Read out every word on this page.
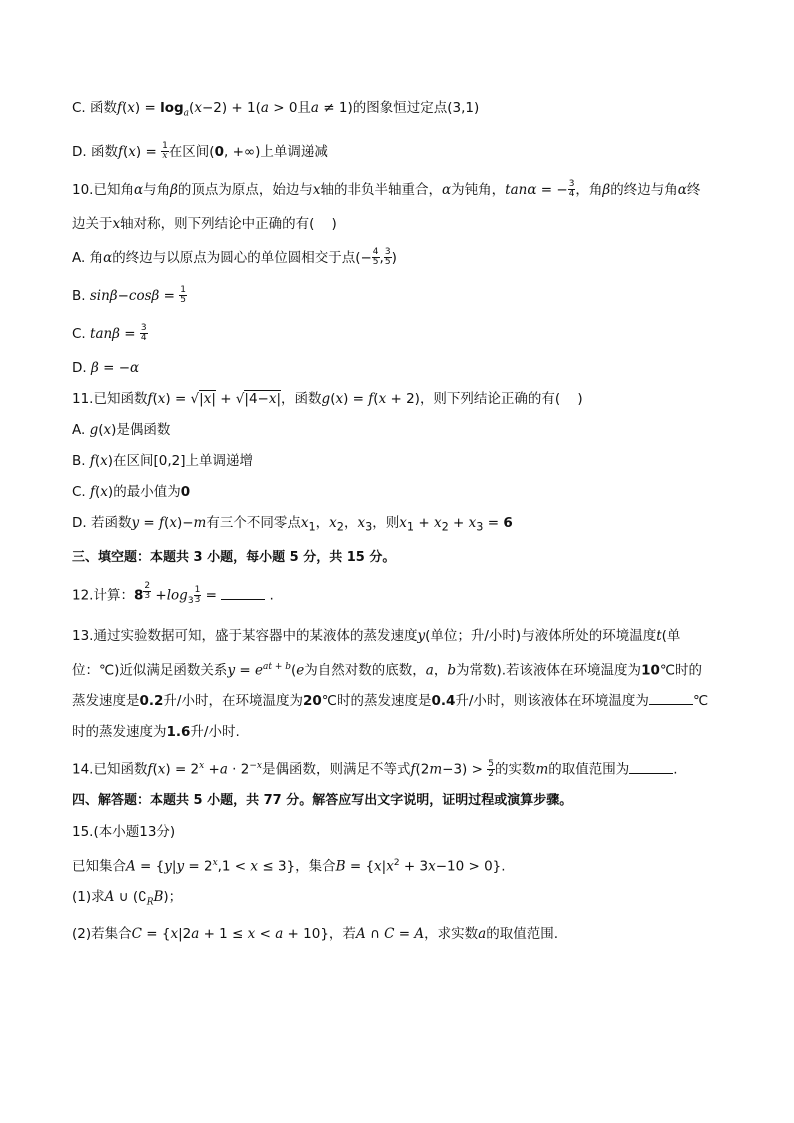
C. 函数$f(x) = \log_a(x-2) + 1(a > 0$且a ≠ 1)的图象恒过定点(3,1)

D. 函数$f(x) = \frac{1}{x}$ 在区间(0, +∞)上单调递减

10.已知角α与角β的顶点为原点，始边与x轴的非负半轴重合，α为钝角，tanα = − $\frac{3}{4}$ ，角β的终边与角α终

边关于x轴对称，则下列结论中正确的有(    )

A. 角α的终边与以原点为圆心的单位圆相交于点(− $\frac{4}{5}$ , $\frac{3}{5}$ )

B. $\sin\beta-\cos\beta = \frac{1}{5}$

C. $\tan\beta = \frac{3}{4}$

D. β = −α

11.已知函数f(x) = √|x| + √|4−x|，函数g(x) = f(x + 2)，则下列结论正确的有(    )

A. g(x)是偶函数

B. f(x)在区间[0,2]上单调递增

C. f(x)的最小值为0

D. 若函数y = f(x)−m有三个不同零点$x_1$，$x_2$，$x_3$，则$x_1 + x_2 + x_3 = 6$

三、填空题：本题共 3 小题，每小题 5 分，共 15 分。

12.计算：8 $^{\frac{2}{3}} +\log_3 \frac{1}{3}$ =	.

13.通过实验数据可知，盛于某容器中的某液体的蒸发速度y(单位；升/小时)与液体所处的环境温度t(单

位：℃)近似满足函数关系$y = e^{at + b}(e$为自然对数的底数，a，b为常数).若该液体在环境温度为10℃时的

蒸发速度是0.2升/小时，在环境温度为20℃时的蒸发速度是0.4升/小时，则该液体在环境温度为	℃

时的蒸发速度为1.6升/小时.

14.已知函数$f(x) = 2^x +a \cdot 2^{-x}$是偶函数，则满足不等式$f(2m-3) > \frac{5}{2}$ 的实数m的取值范围为	.

四、解答题：本题共 5 小题，共 77 分。解答应写出文字说明，证明过程或演算步骤。

15.(本小题13分)

已知集合$A = \{y|y = 2^x,1 < x \le 3\}$，集合$B = \{x|x^2 + 3x-10 > 0\}$.

(1)求A ∪ $(∁_RB)$；

(2)若集合C = {x|2a + 1 ≤ x < a + 10}，若A ∩ C = A，求实数a的取值范围.
